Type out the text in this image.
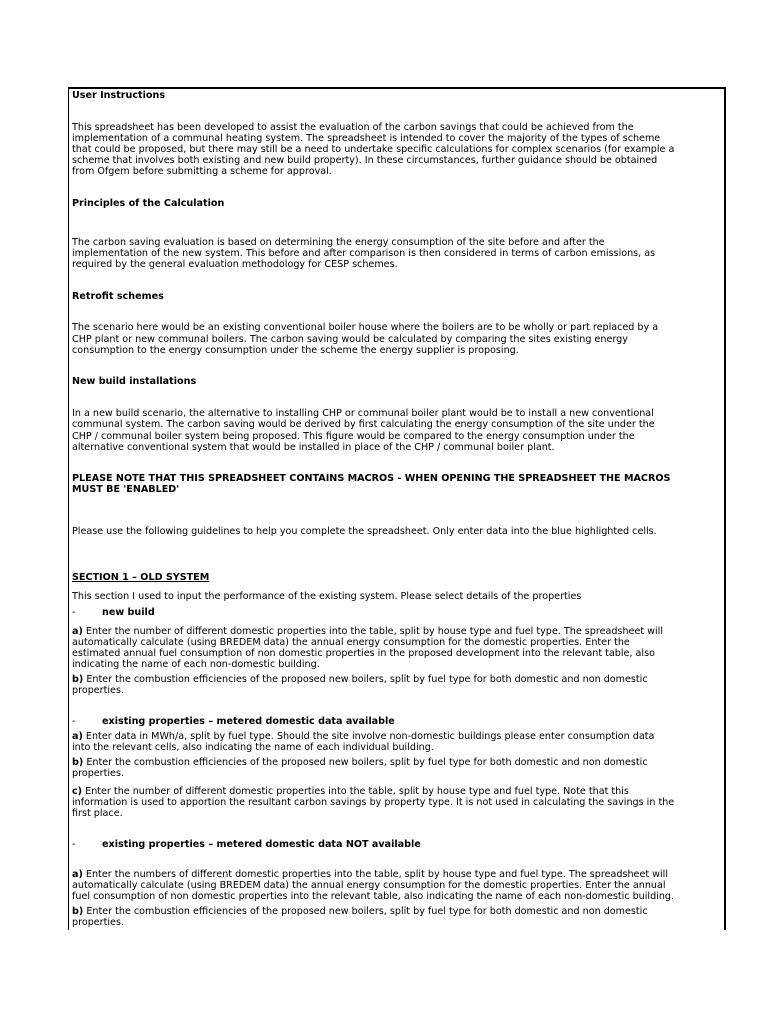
User Instructions
This spreadsheet has been developed to assist the evaluation of the carbon savings that could be achieved from the
implementation of a communal heating system. The spreadsheet is intended to cover the majority of the types of scheme
that could be proposed, but there may still be a need to undertake specific calculations for complex scenarios (for example a
scheme that involves both existing and new build property). In these circumstances, further guidance should be obtained
from Ofgem before submitting a scheme for approval.
Principles of the Calculation
The carbon saving evaluation is based on determining the energy consumption of the site before and after the
implementation of the new system. This before and after comparison is then considered in terms of carbon emissions, as
required by the general evaluation methodology for CESP schemes.
Retrofit schemes
The scenario here would be an existing conventional boiler house where the boilers are to be wholly or part replaced by a
CHP plant or new communal boilers. The carbon saving would be calculated by comparing the sites existing energy
consumption to the energy consumption under the scheme the energy supplier is proposing.
New build installations
In a new build scenario, the alternative to installing CHP or communal boiler plant would be to install a new conventional
communal system. The carbon saving would be derived by first calculating the energy consumption of the site under the
CHP / communal boiler system being proposed. This figure would be compared to the energy consumption under the
alternative conventional system that would be installed in place of the CHP / communal boiler plant.
PLEASE NOTE THAT THIS SPREADSHEET CONTAINS MACROS - WHEN OPENING THE SPREADSHEET THE MACROS
MUST BE 'ENABLED'
Please use the following guidelines to help you complete the spreadsheet. Only enter data into the blue highlighted cells.
SECTION 1 – OLD SYSTEM
This section I used to input the performance of the existing system. Please select details of the properties
-	new build
a) Enter the number of different domestic properties into the table, split by house type and fuel type. The spreadsheet will
automatically calculate (using BREDEM data) the annual energy consumption for the domestic properties. Enter the
estimated annual fuel consumption of non domestic properties in the proposed development into the relevant table, also
indicating the name of each non-domestic building.
b) Enter the combustion efficiencies of the proposed new boilers, split by fuel type for both domestic and non domestic
properties.
-	existing properties – metered domestic data available
a) Enter data in MWh/a, split by fuel type. Should the site involve non-domestic buildings please enter consumption data
into the relevant cells, also indicating the name of each individual building.
b) Enter the combustion efficiencies of the proposed new boilers, split by fuel type for both domestic and non domestic
properties.
c) Enter the number of different domestic properties into the table, split by house type and fuel type. Note that this
information is used to apportion the resultant carbon savings by property type. It is not used in calculating the savings in the
first place.
-	existing properties – metered domestic data NOT available
a) Enter the numbers of different domestic properties into the table, split by house type and fuel type. The spreadsheet will
automatically calculate (using BREDEM data) the annual energy consumption for the domestic properties. Enter the annual
fuel consumption of non domestic properties into the relevant table, also indicating the name of each non-domestic building.
b) Enter the combustion efficiencies of the proposed new boilers, split by fuel type for both domestic and non domestic
properties.
